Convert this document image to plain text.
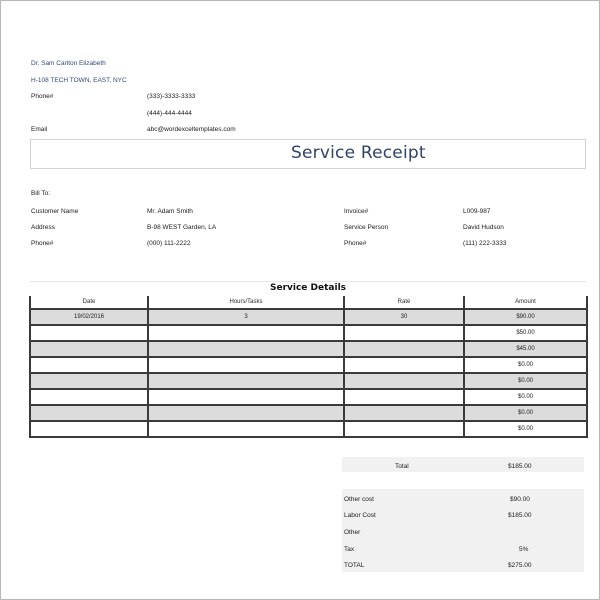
Dr. Sam Carlton Elizabeth
H-108 TECH TOWN, EAST, NYC
Phone#	(333)-3333-3333
(444)-444-4444
Email	abc@wordexceltemplates.com
Service Receipt
Bill To:
Customer Name	Mr. Adam Smith
Address	B-98 WEST Garden, LA
Phone#	(000) 111-2222
Invoice#	L009-987
Service Person	David Hudson
Phone#	(111) 222-3333
Service Details
Date	Hours/Tasks	Rate	Amount
19/02/2016	3	30	$90.00
			$50.00
			$45.00
			$0.00
			$0.00
			$0.00
			$0.00
			$0.00
Total	$185.00
Other cost	$90.00
Labor Cost	$185.00
Other
Tax	5%
TOTAL	$275.00
